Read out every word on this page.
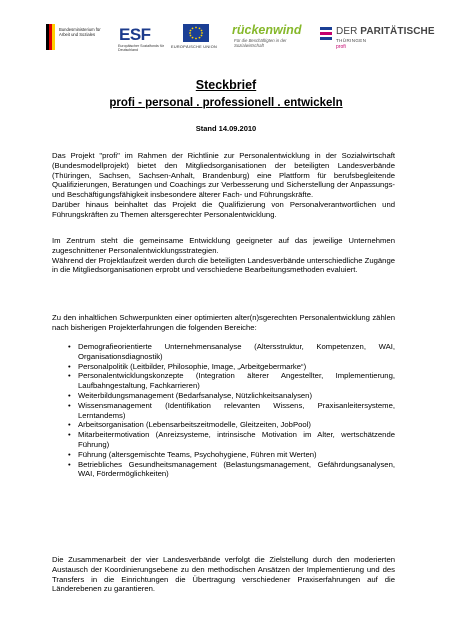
Bundesministerium für Arbeit und Soziales	ESF
Europäischer Sozialfonds für Deutschland
EUROPÄISCHE UNION
rückenwind
Für die Beschäftigten in der Sozialwirtschaft
DER PARITÄTISCHE
THÜRINGEN
profi
Steckbrief
profi - personal . professionell . entwickeln
Stand 14.09.2010

Das Projekt "profi" im Rahmen der Richtlinie zur Personalentwicklung in der Sozialwirtschaft (Bundesmodellprojekt) bietet den Mitgliedsorganisationen der beteiligten Landesverbände (Thüringen, Sachsen, Sachsen-Anhalt, Brandenburg) eine Plattform für berufsbegleitende Qualifizierungen, Beratungen und Coachings zur Verbesserung und Sicherstellung der Anpassungs- und Beschäftigungsfähigkeit insbesondere älterer Fach- und Führungskräfte.

Darüber hinaus beinhaltet das Projekt die Qualifizierung von Personalverantwortlichen und Führungskräften zu Themen altersgerechter Personalentwicklung.

Im Zentrum steht die gemeinsame Entwicklung geeigneter auf das jeweilige Unternehmen zugeschnittener Personalentwicklungsstrategien.

Während der Projektlaufzeit werden durch die beteiligten Landesverbände unterschiedliche Zugänge in die Mitgliedsorganisationen erprobt und verschiedene Bearbeitungsmethoden evaluiert.

Zu den inhaltlichen Schwerpunkten einer optimierten alter(n)sgerechten Personalentwicklung zählen nach bisherigen Projekterfahrungen die folgenden Bereiche:

• Demografieorientierte Unternehmensanalyse (Altersstruktur, Kompetenzen, WAI, Organisationsdiagnostik)
• Personalpolitik (Leitbilder, Philosophie, Image, „Arbeitgebermarke“)
• Personalentwicklungskonzepte (Integration älterer Angestellter, Implementierung, Laufbahngestaltung, Fachkarrieren)
• Weiterbildungsmanagement (Bedarfsanalyse, Nützlichkeitsanalysen)
• Wissensmanagement (Identifikation relevanten Wissens, Praxisanleitersysteme, Lerntandems)
• Arbeitsorganisation (Lebensarbeitszeitmodelle, Gleitzeiten, JobPool)
• Mitarbeitermotivation (Anreizsysteme, intrinsische Motivation im Alter, wertschätzende Führung)
• Führung (altersgemischte Teams, Psychohygiene, Führen mit Werten)
• Betriebliches Gesundheitsmanagement (Belastungsmanagement, Gefährdungsanalysen, WAI, Fördermöglichkeiten)

Die Zusammenarbeit der vier Landesverbände verfolgt die Zielstellung durch den moderierten Austausch der Koordinierungsebene zu den methodischen Ansätzen der Implementierung und des Transfers in die Einrichtungen die Übertragung verschiedener Praxiserfahrungen auf die Länderebenen zu garantieren.
